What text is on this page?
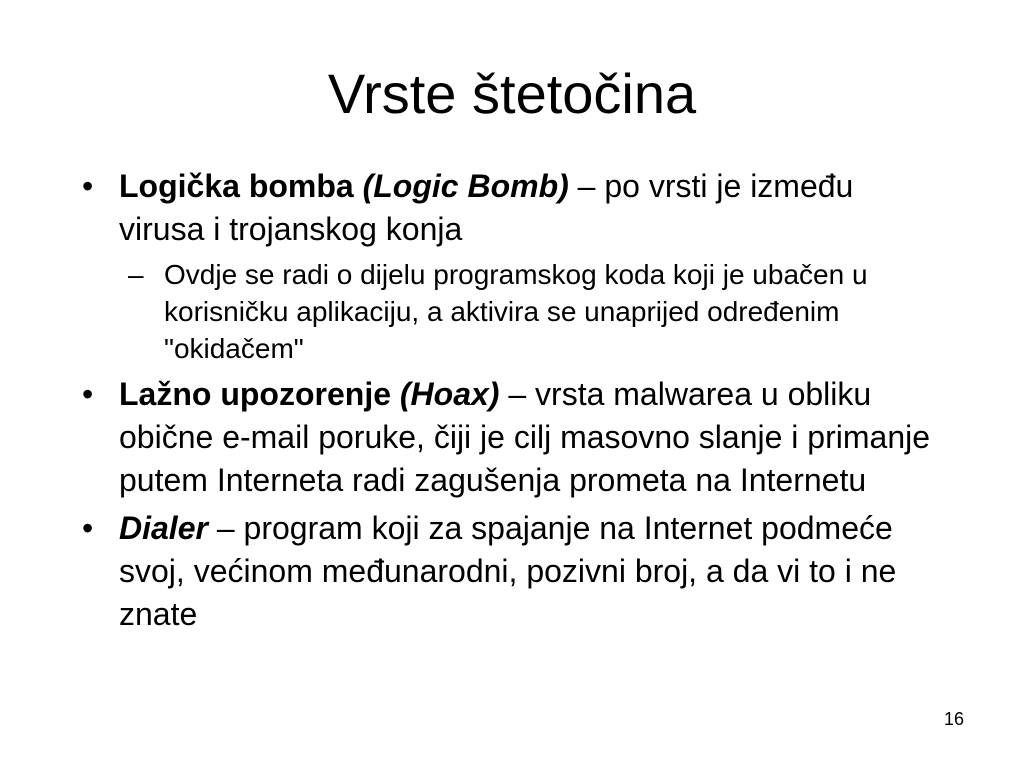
Vrste štetočina
• Logička bomba (Logic Bomb) – po vrsti je između virusa i trojanskog konja
– Ovdje se radi o dijelu programskog koda koji je ubačen u korisničku aplikaciju, a aktivira se unaprijed određenim "okidačem"
• Lažno upozorenje (Hoax) – vrsta malwarea u obliku obične e-mail poruke, čiji je cilj masovno slanje i primanje putem Interneta radi zagušenja prometa na Internetu
• Dialer – program koji za spajanje na Internet podmeće svoj, većinom međunarodni, pozivni broj, a da vi to i ne znate
16
